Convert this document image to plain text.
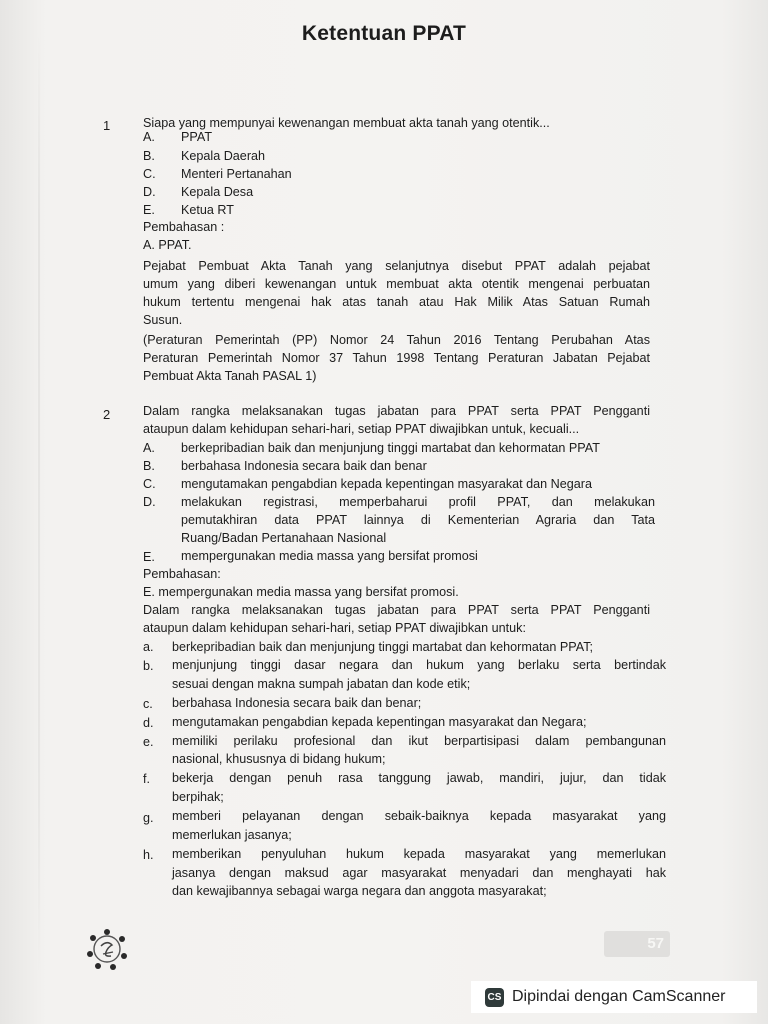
Ketentuan PPAT
1	Siapa yang mempunyai kewenangan membuat akta tanah yang otentik...
A. PPAT
B. Kepala Daerah
C. Menteri Pertanahan
D. Kepala Desa
E. Ketua RT
Pembahasan :
A. PPAT.
Pejabat Pembuat Akta Tanah yang selanjutnya disebut PPAT adalah pejabat
umum yang diberi kewenangan untuk membuat akta otentik mengenai perbuatan
hukum tertentu mengenai hak atas tanah atau Hak Milik Atas Satuan Rumah
Susun.
(Peraturan Pemerintah (PP) Nomor 24 Tahun 2016 Tentang Perubahan Atas
Peraturan Pemerintah Nomor 37 Tahun 1998 Tentang Peraturan Jabatan Pejabat
Pembuat Akta Tanah PASAL 1)
2	Dalam rangka melaksanakan tugas jabatan para PPAT serta PPAT Pengganti
ataupun dalam kehidupan sehari-hari, setiap PPAT diwajibkan untuk, kecuali...
A. berkepribadian baik dan menjunjung tinggi martabat dan kehormatan PPAT
B. berbahasa Indonesia secara baik dan benar
C. mengutamakan pengabdian kepada kepentingan masyarakat dan Negara
D. melakukan registrasi, memperbaharui profil PPAT, dan melakukan
pemutakhiran data PPAT lainnya di Kementerian Agraria dan Tata
Ruang/Badan Pertanahaan Nasional
E. mempergunakan media massa yang bersifat promosi
Pembahasan:
E. mempergunakan media massa yang bersifat promosi.
Dalam rangka melaksanakan tugas jabatan para PPAT serta PPAT Pengganti
ataupun dalam kehidupan sehari-hari, setiap PPAT diwajibkan untuk:
a. berkepribadian baik dan menjunjung tinggi martabat dan kehormatan PPAT;
b. menjunjung tinggi dasar negara dan hukum yang berlaku serta bertindak
sesuai dengan makna sumpah jabatan dan kode etik;
c. berbahasa Indonesia secara baik dan benar;
d. mengutamakan pengabdian kepada kepentingan masyarakat dan Negara;
e. memiliki perilaku profesional dan ikut berpartisipasi dalam pembangunan
nasional, khususnya di bidang hukum;
f. bekerja dengan penuh rasa tanggung jawab, mandiri, jujur, dan tidak
berpihak;
g. memberi pelayanan dengan sebaik-baiknya kepada masyarakat yang
memerlukan jasanya;
h. memberikan penyuluhan hukum kepada masyarakat yang memerlukan
jasanya dengan maksud agar masyarakat menyadari dan menghayati hak
dan kewajibannya sebagai warga negara dan anggota masyarakat;
57
CS Dipindai dengan CamScanner
